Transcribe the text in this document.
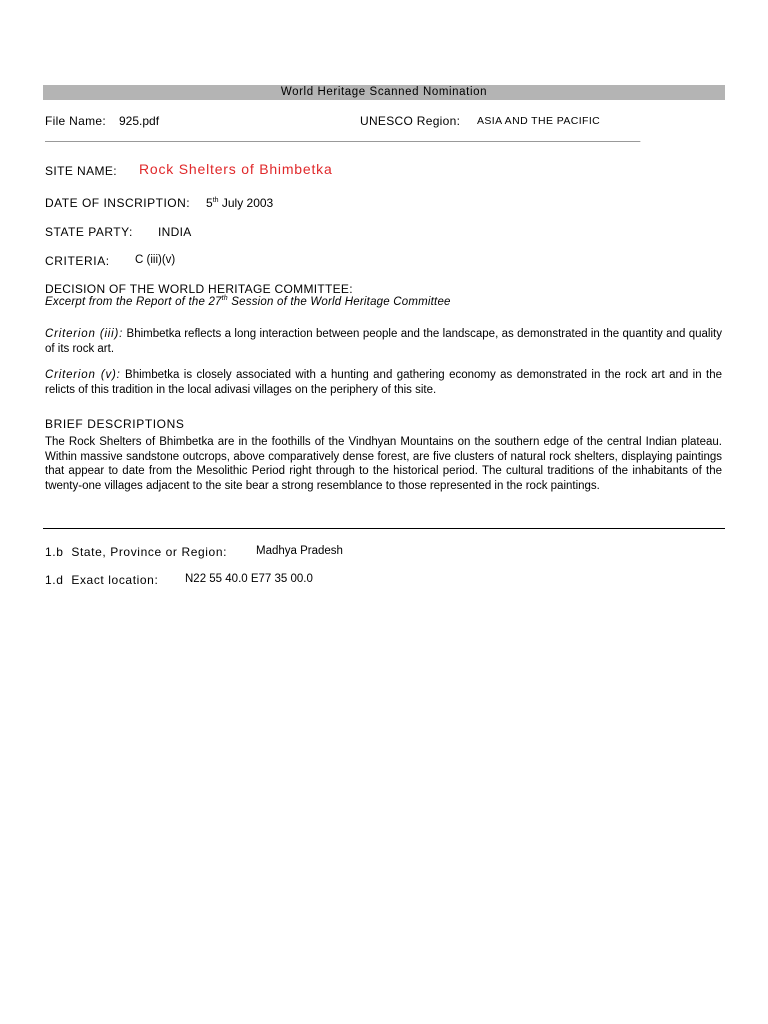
World Heritage Scanned Nomination
File Name: 925.pdf	UNESCO Region: ASIA AND THE PACIFIC
____________________________________________________________________________________________________________________________________
SITE NAME: Rock Shelters of Bhimbetka
DATE OF INSCRIPTION: 5th July 2003
STATE PARTY: INDIA
CRITERIA: C (iii)(v)
DECISION OF THE WORLD HERITAGE COMMITTEE:
Excerpt from the Report of the 27th Session of the World Heritage Committee
Criterion (iii): Bhimbetka reflects a long interaction between people and the landscape, as demonstrated in the quantity and quality of its rock art.
Criterion (v): Bhimbetka is closely associated with a hunting and gathering economy as demonstrated in the rock art and in the relicts of this tradition in the local adivasi villages on the periphery of this site.
BRIEF DESCRIPTIONS
The Rock Shelters of Bhimbetka are in the foothills of the Vindhyan Mountains on the southern edge of the central Indian plateau. Within massive sandstone outcrops, above comparatively dense forest, are five clusters of natural rock shelters, displaying paintings that appear to date from the Mesolithic Period right through to the historical period. The cultural traditions of the inhabitants of the twenty-one villages adjacent to the site bear a strong resemblance to those represented in the rock paintings.
1.b  State, Province or Region:	Madhya Pradesh
1.d  Exact location: N22 55 40.0 E77 35 00.0
